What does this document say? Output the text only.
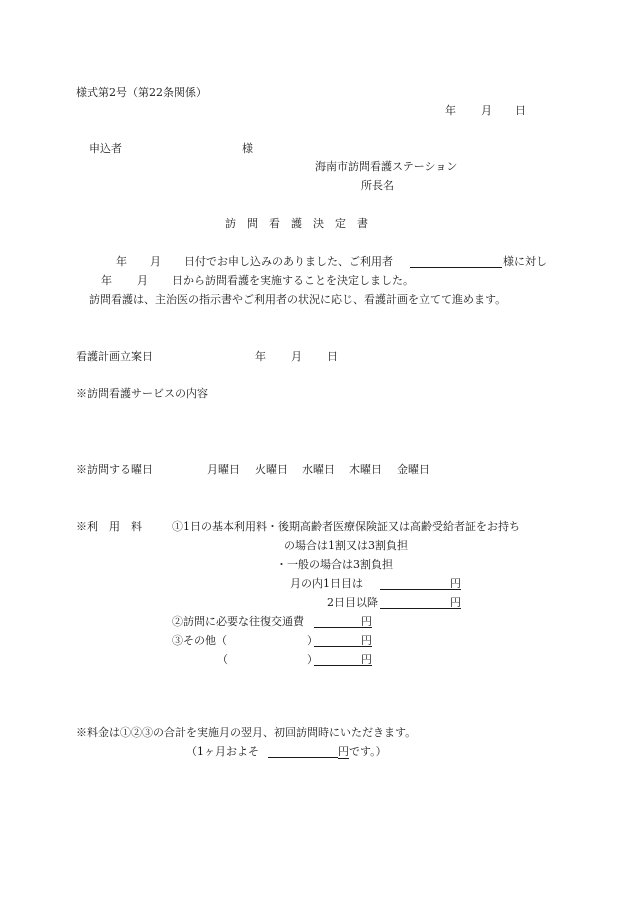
様式第2号（第22条関係）
年 月 日
申込者	様
海南市訪問看護ステーション
所長名
訪　問　看　護　決　定　書
年 月 日付でお申し込みのありました、ご利用者	様に対し
年 月 日から訪問看護を実施することを決定しました。
訪問看護は、主治医の指示書やご利用者の状況に応じ、看護計画を立てて進めます。
看護計画立案日	年 月 日
※訪問看護サービスの内容
※訪問する曜日	月曜日 火曜日 水曜日 木曜日 金曜日
※利　用　料	①1日の基本利用料・後期高齢者医療保険証又は高齢受給者証をお持ち
の場合は1割又は3割負担
・一般の場合は3割負担
月の内1日目は	円
2日目以降	円
②訪問に必要な往復交通費	円
③その他（	）	円
（	）	円
※料金は①②③の合計を実施月の翌月、初回訪問時にいただきます。
（1ヶ月およそ	円です。）
